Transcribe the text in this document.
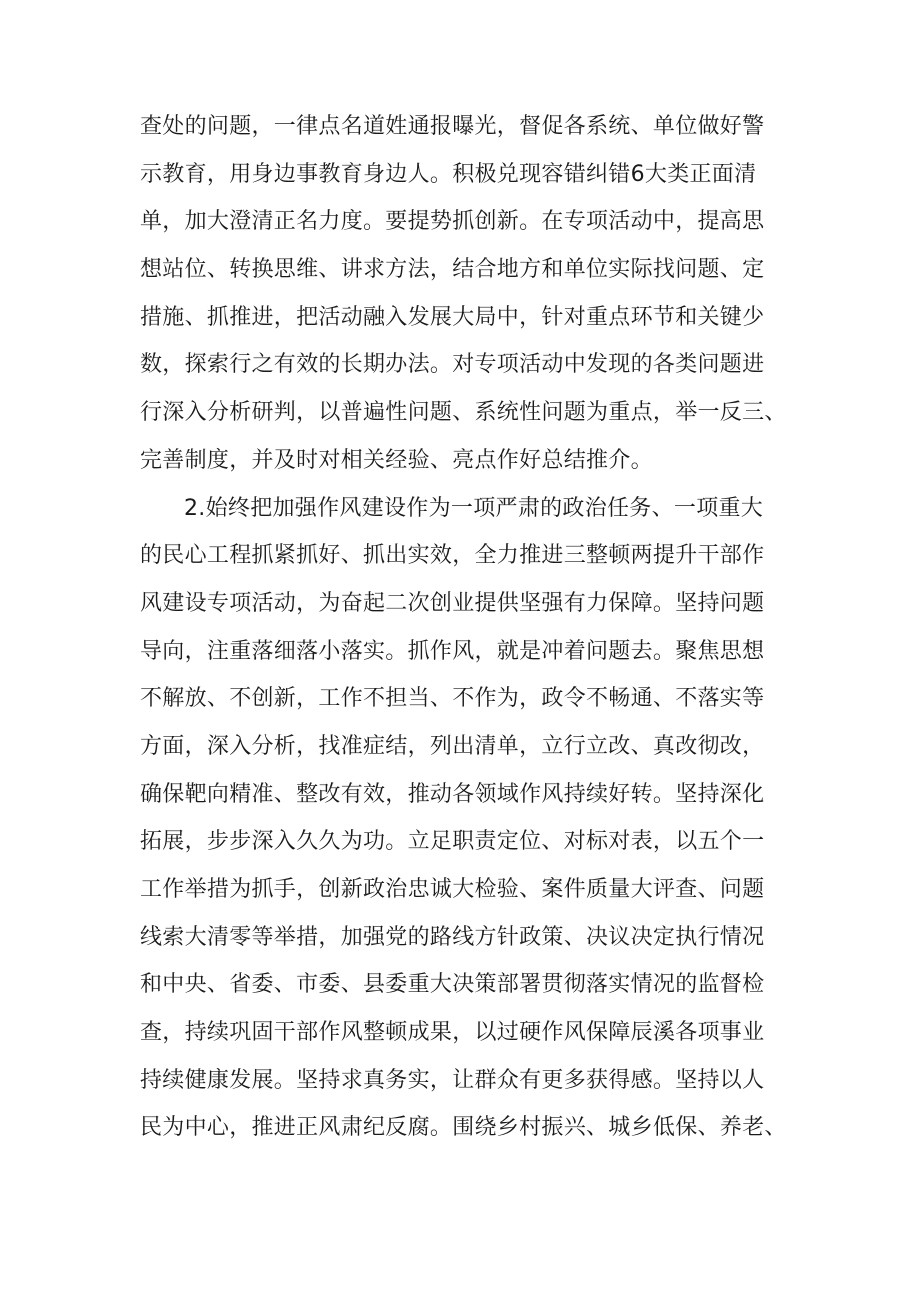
查处的问题，一律点名道姓通报曝光，督促各系统、单位做好警
示教育，用身边事教育身边人。积极兑现容错纠错6大类正面清
单，加大澄清正名力度。要提势抓创新。在专项活动中，提高思
想站位、转换思维、讲求方法，结合地方和单位实际找问题、定
措施、抓推进，把活动融入发展大局中，针对重点环节和关键少
数，探索行之有效的长期办法。对专项活动中发现的各类问题进
行深入分析研判，以普遍性问题、系统性问题为重点，举一反三、
完善制度，并及时对相关经验、亮点作好总结推介。
2.始终把加强作风建设作为一项严肃的政治任务、一项重大
的民心工程抓紧抓好、抓出实效，全力推进三整顿两提升干部作
风建设专项活动，为奋起二次创业提供坚强有力保障。坚持问题
导向，注重落细落小落实。抓作风，就是冲着问题去。聚焦思想
不解放、不创新，工作不担当、不作为，政令不畅通、不落实等
方面，深入分析，找准症结，列出清单，立行立改、真改彻改，
确保靶向精准、整改有效，推动各领域作风持续好转。坚持深化
拓展，步步深入久久为功。立足职责定位、对标对表，以五个一
工作举措为抓手，创新政治忠诚大检验、案件质量大评查、问题
线索大清零等举措，加强党的路线方针政策、决议决定执行情况
和中央、省委、市委、县委重大决策部署贯彻落实情况的监督检
查，持续巩固干部作风整顿成果，以过硬作风保障辰溪各项事业
持续健康发展。坚持求真务实，让群众有更多获得感。坚持以人
民为中心，推进正风肃纪反腐。围绕乡村振兴、城乡低保、养老、
